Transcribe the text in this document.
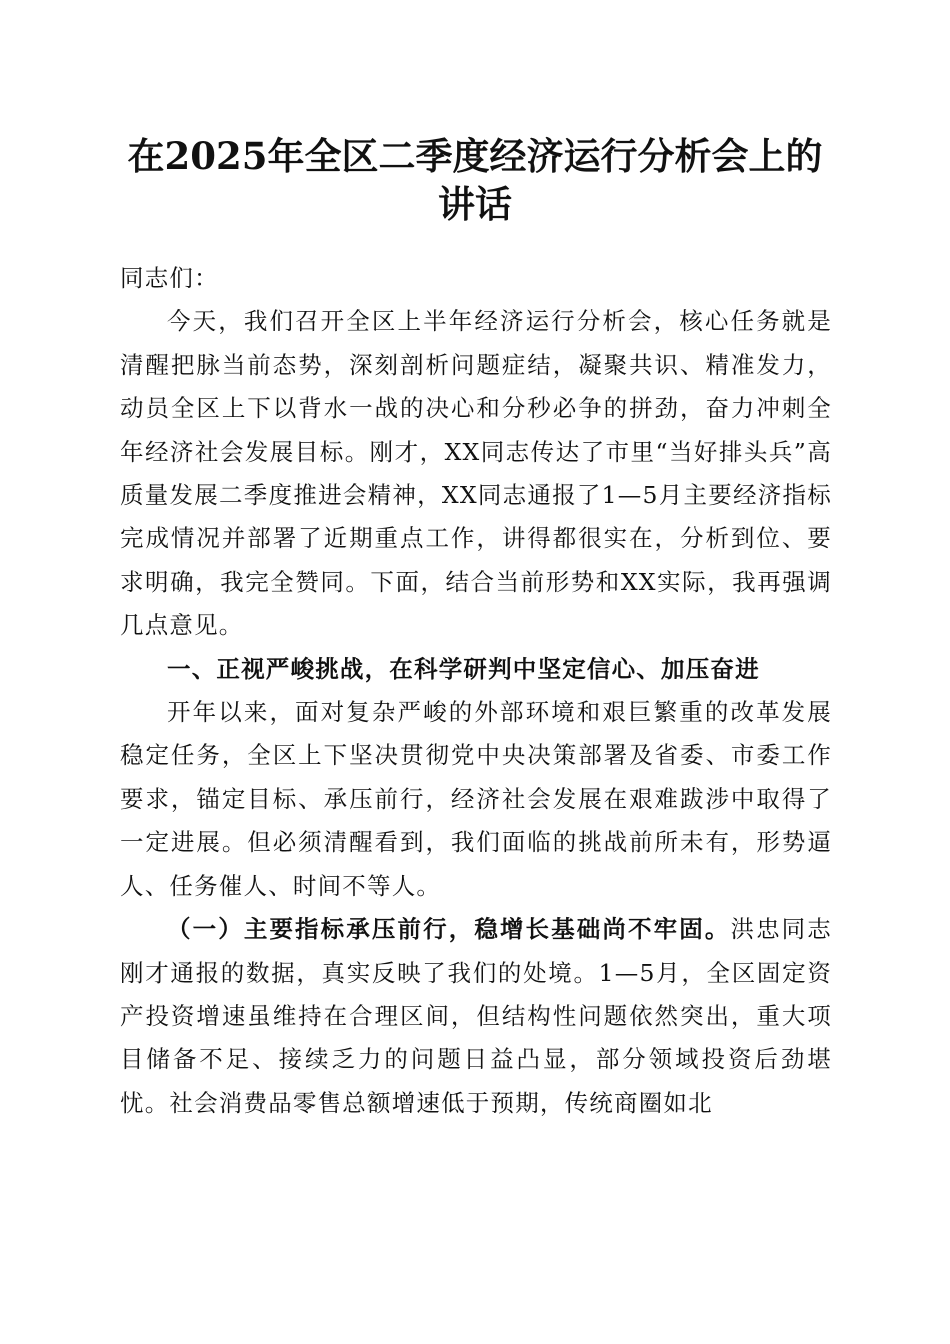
在2025年全区二季度经济运行分析会上的讲话

同志们：

今天，我们召开全区上半年经济运行分析会，核心任务就是清醒把脉当前态势，深刻剖析问题症结，凝聚共识、精准发力，动员全区上下以背水一战的决心和分秒必争的拼劲，奋力冲刺全年经济社会发展目标。刚才，XX同志传达了市里“当好排头兵”高质量发展二季度推进会精神，XX同志通报了1—5月主要经济指标完成情况并部署了近期重点工作，讲得都很实在，分析到位、要求明确，我完全赞同。下面，结合当前形势和XX实际，我再强调几点意见。

一、正视严峻挑战，在科学研判中坚定信心、加压奋进

开年以来，面对复杂严峻的外部环境和艰巨繁重的改革发展稳定任务，全区上下坚决贯彻党中央决策部署及省委、市委工作要求，锚定目标、承压前行，经济社会发展在艰难跋涉中取得了一定进展。但必须清醒看到，我们面临的挑战前所未有，形势逼人、任务催人、时间不等人。

（一）主要指标承压前行，稳增长基础尚不牢固。洪忠同志刚才通报的数据，真实反映了我们的处境。1—5月，全区固定资产投资增速虽维持在合理区间，但结构性问题依然突出，重大项目储备不足、接续乏力的问题日益凸显，部分领域投资后劲堪忧。社会消费品零售总额增速低于预期，传统商圈如北
